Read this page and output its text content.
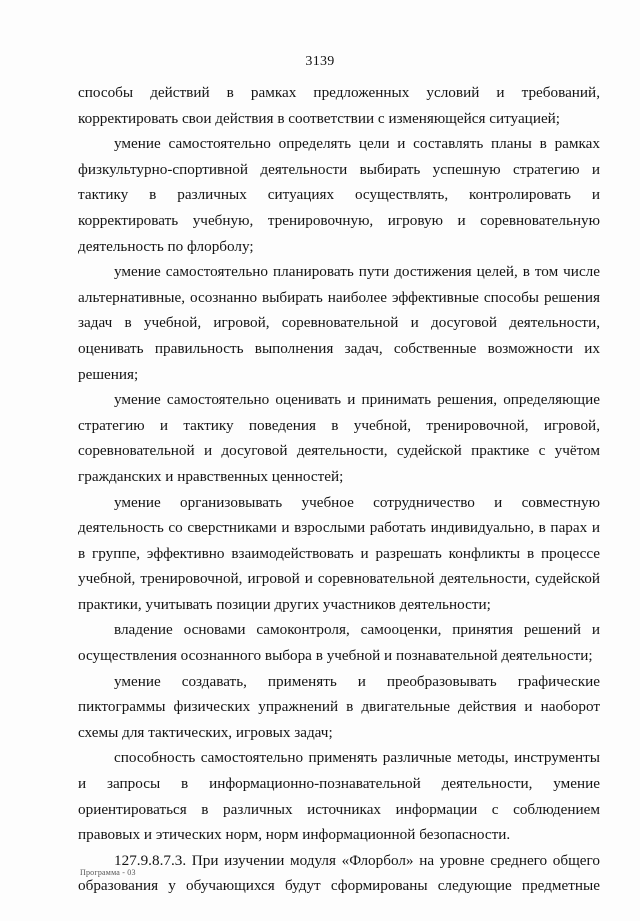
3139

способы действий в рамках предложенных условий и требований, корректировать свои действия в соответствии с изменяющейся ситуацией;

умение самостоятельно определять цели и составлять планы в рамках физкультурно-спортивной деятельности выбирать успешную стратегию и тактику в различных ситуациях осуществлять, контролировать и корректировать учебную, тренировочную, игровую и соревновательную деятельность по флорболу;

умение самостоятельно планировать пути достижения целей, в том числе альтернативные, осознанно выбирать наиболее эффективные способы решения задач в учебной, игровой, соревновательной и досуговой деятельности, оценивать правильность выполнения задач, собственные возможности их решения;

умение самостоятельно оценивать и принимать решения, определяющие стратегию и тактику поведения в учебной, тренировочной, игровой, соревновательной и досуговой деятельности, судейской практике с учётом гражданских и нравственных ценностей;

умение организовывать учебное сотрудничество и совместную деятельность со сверстниками и взрослыми работать индивидуально, в парах и в группе, эффективно взаимодействовать и разрешать конфликты в процессе учебной, тренировочной, игровой и соревновательной деятельности, судейской практики, учитывать позиции других участников деятельности;

владение основами самоконтроля, самооценки, принятия решений и осуществления осознанного выбора в учебной и познавательной деятельности;

умение создавать, применять и преобразовывать графические пиктограммы физических упражнений в двигательные действия и наоборот схемы для тактических, игровых задач;

способность самостоятельно применять различные методы, инструменты и запросы в информационно-познавательной деятельности, умение ориентироваться в различных источниках информации с соблюдением правовых и этических норм, норм информационной безопасности.

127.9.8.7.3. При изучении модуля «Флорбол» на уровне среднего общего образования у обучающихся будут сформированы следующие предметные

Программа - 03
